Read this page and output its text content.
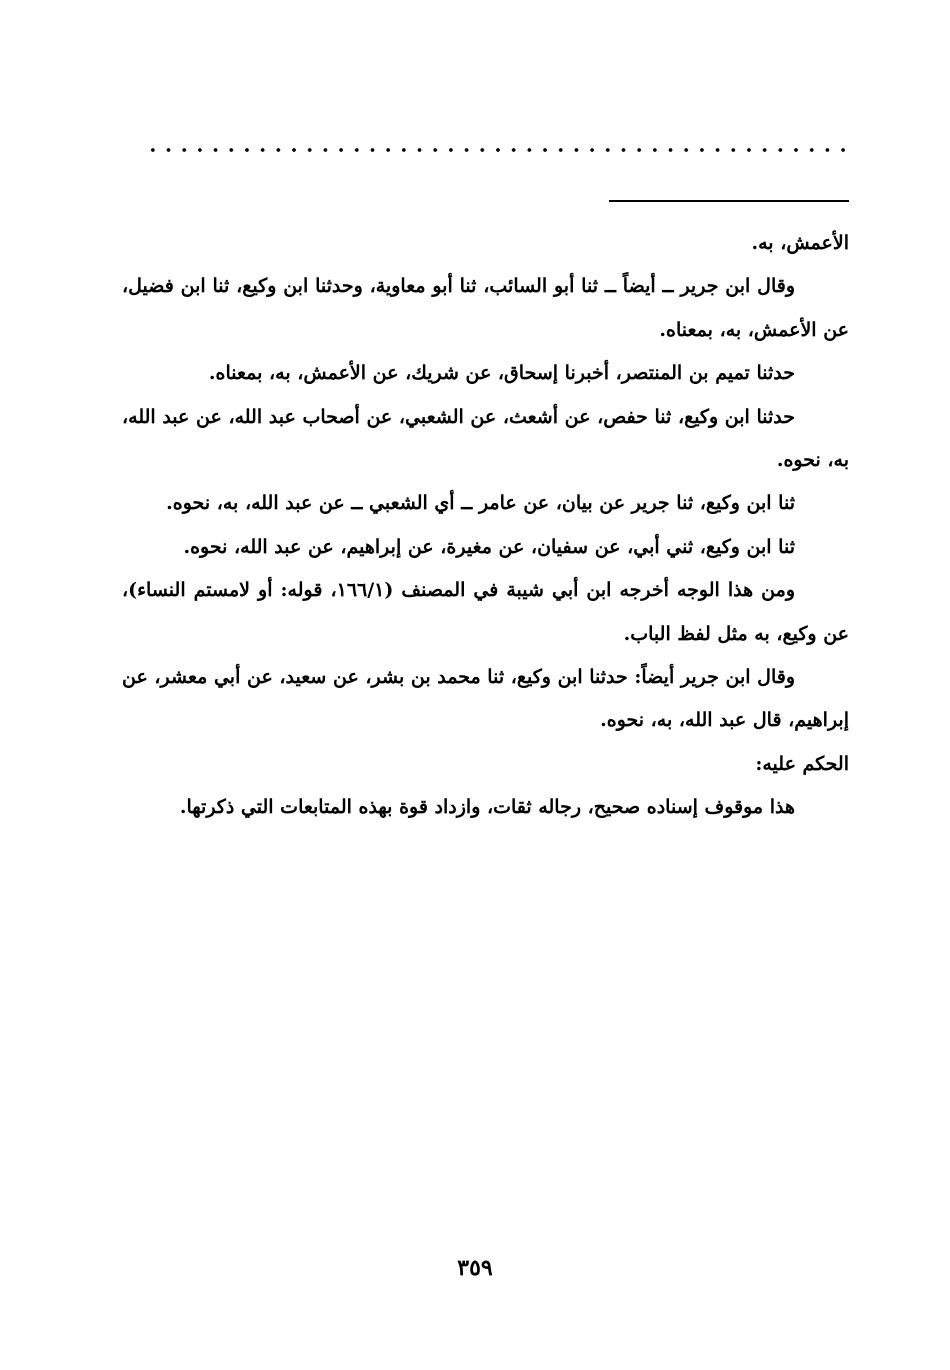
الأعمش، به.

وقال ابن جرير ــ أيضاً ــ ثنا أبو السائب، ثنا أبو معاوية، وحدثنا ابن وكيع، ثنا ابن فضيل، عن الأعمش، به، بمعناه.

حدثنا تميم بن المنتصر، أخبرنا إسحاق، عن شريك، عن الأعمش، به، بمعناه.

حدثنا ابن وكيع، ثنا حفص، عن أشعث، عن الشعبي، عن أصحاب عبد الله، عن عبد الله، به، نحوه.

ثنا ابن وكيع، ثنا جرير عن بيان، عن عامر ــ أي الشعبي ــ عن عبد الله، به، نحوه.

ثنا ابن وكيع، ثني أبي، عن سفيان، عن مغيرة، عن إبراهيم، عن عبد الله، نحوه.

ومن هذا الوجه أخرجه ابن أبي شيبة في المصنف (١٦٦/١، قوله: أو لامستم النساء)، عن وكيع، به مثل لفظ الباب.

وقال ابن جرير أيضاً: حدثنا ابن وكيع، ثنا محمد بن بشر، عن سعيد، عن أبي معشر، عن إبراهيم، قال عبد الله، به، نحوه.

الحكم عليه:

هذا موقوف إسناده صحيح، رجاله ثقات، وازداد قوة بهذه المتابعات التي ذكرتها.

٣٥٩
